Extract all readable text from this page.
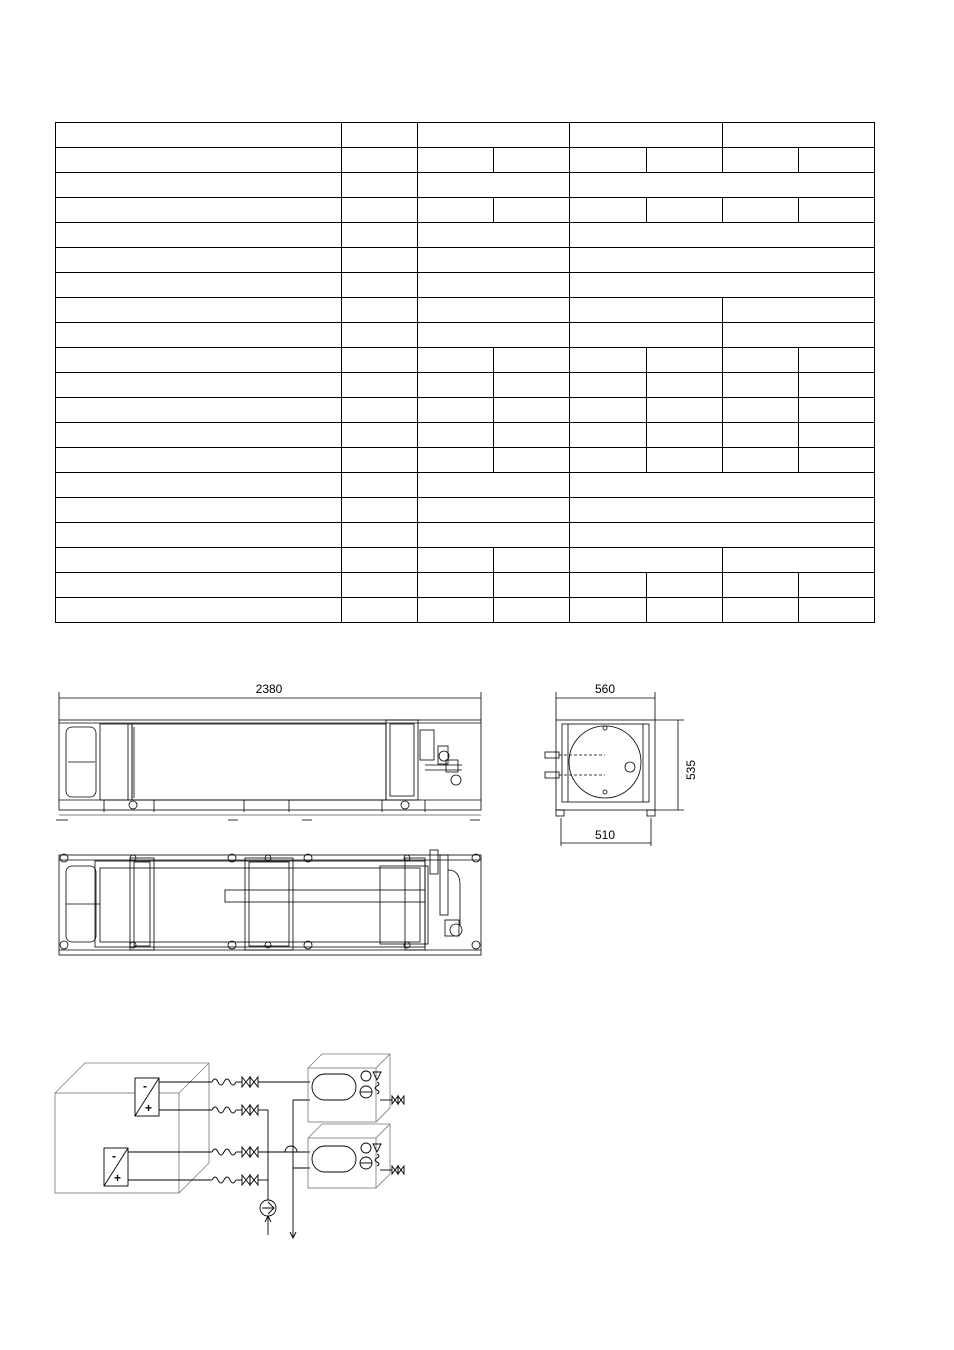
2380	560
535
510
-
+
-
+
